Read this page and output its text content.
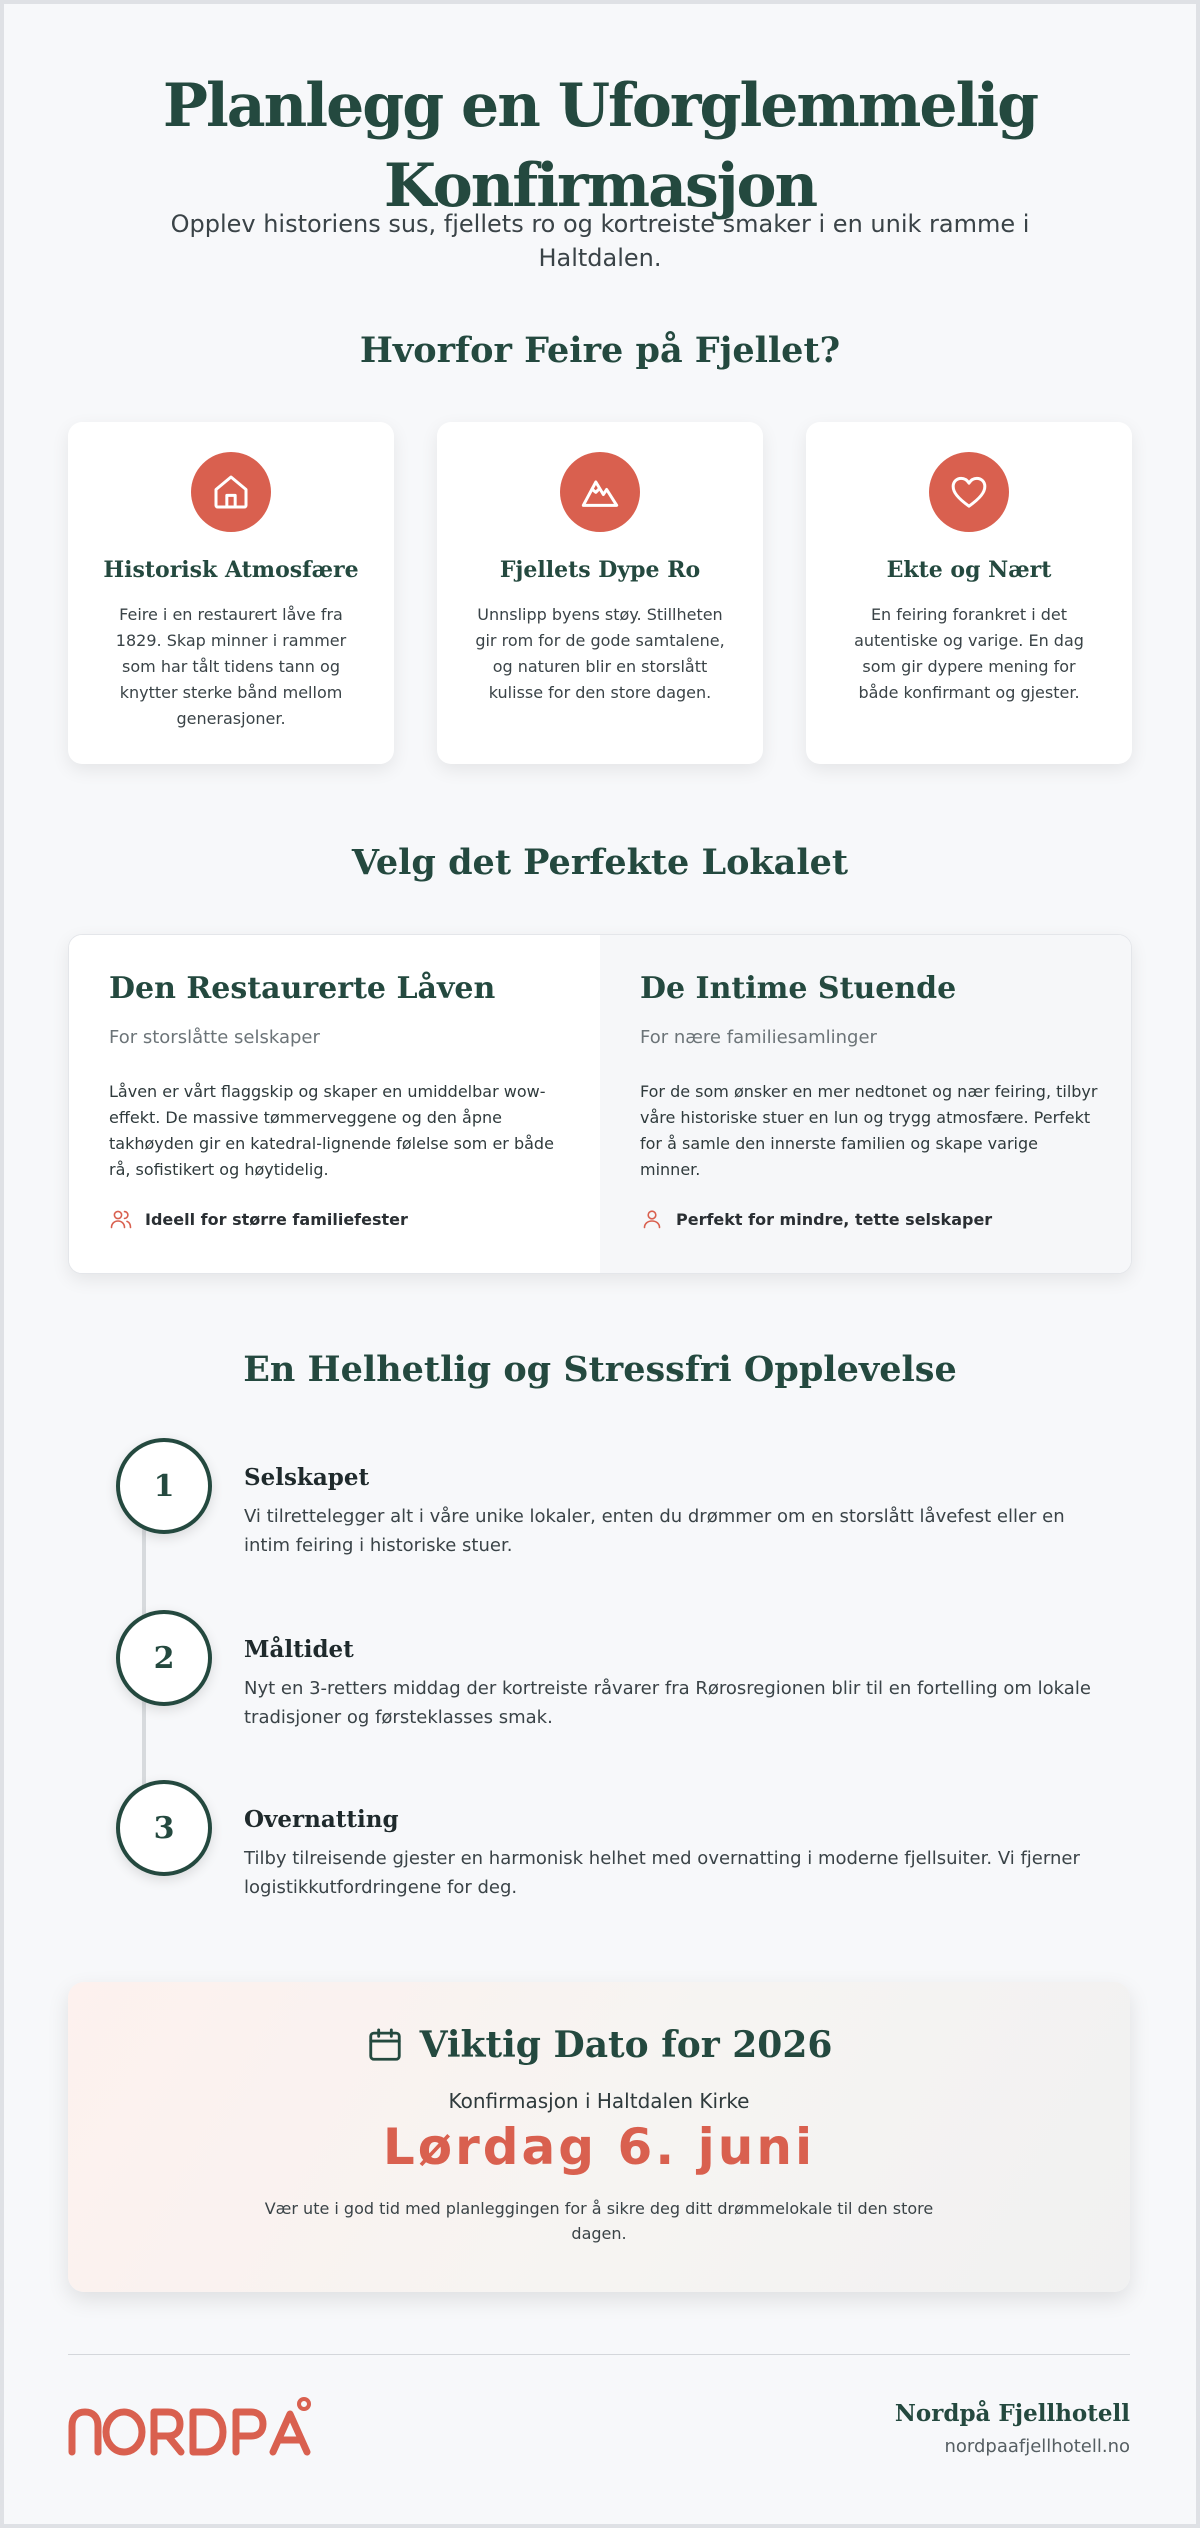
Planlegg en Uforglemmelig
Konfirmasjon
Opplev historiens sus, fjellets ro og kortreiste smaker i en unik ramme i Haltdalen.
Hvorfor Feire på Fjellet?
Historisk Atmosfære
Feire i en restaurert låve fra 1829. Skap minner i rammer som har tålt tidens tann og knytter sterke bånd mellom generasjoner.
Fjellets Dype Ro
Unnslipp byens støy. Stillheten gir rom for de gode samtalene, og naturen blir en storslått kulisse for den store dagen.
Ekte og Nært
En feiring forankret i det autentiske og varige. En dag som gir dypere mening for både konfirmant og gjester.
Velg det Perfekte Lokalet
Den Restaurerte Låven
For storslåtte selskaper
Låven er vårt flaggskip og skaper en umiddelbar wow-effekt. De massive tømmerveggene og den åpne takhøyden gir en katedral-lignende følelse som er både rå, sofistikert og høytidelig.
Ideell for større familiefester
De Intime Stuende
For nære familiesamlinger
For de som ønsker en mer nedtonet og nær feiring, tilbyr våre historiske stuer en lun og trygg atmosfære. Perfekt for å samle den innerste familien og skape varige minner.
Perfekt for mindre, tette selskaper
En Helhetlig og Stressfri Opplevelse
1	Selskapet
Vi tilrettelegger alt i våre unike lokaler, enten du drømmer om en storslått låvefest eller en intim feiring i historiske stuer.
2	Måltidet
Nyt en 3-retters middag der kortreiste råvarer fra Rørosregionen blir til en fortelling om lokale tradisjoner og førsteklasses smak.
3	Overnatting
Tilby tilreisende gjester en harmonisk helhet med overnatting i moderne fjellsuiter. Vi fjerner logistikkutfordringene for deg.
Viktig Dato for 2026
Konfirmasjon i Haltdalen Kirke
Lørdag 6. juni
Vær ute i god tid med planleggingen for å sikre deg ditt drømmelokale til den store dagen.
Nordpå Fjellhotell
nordpaafjellhotell.no
